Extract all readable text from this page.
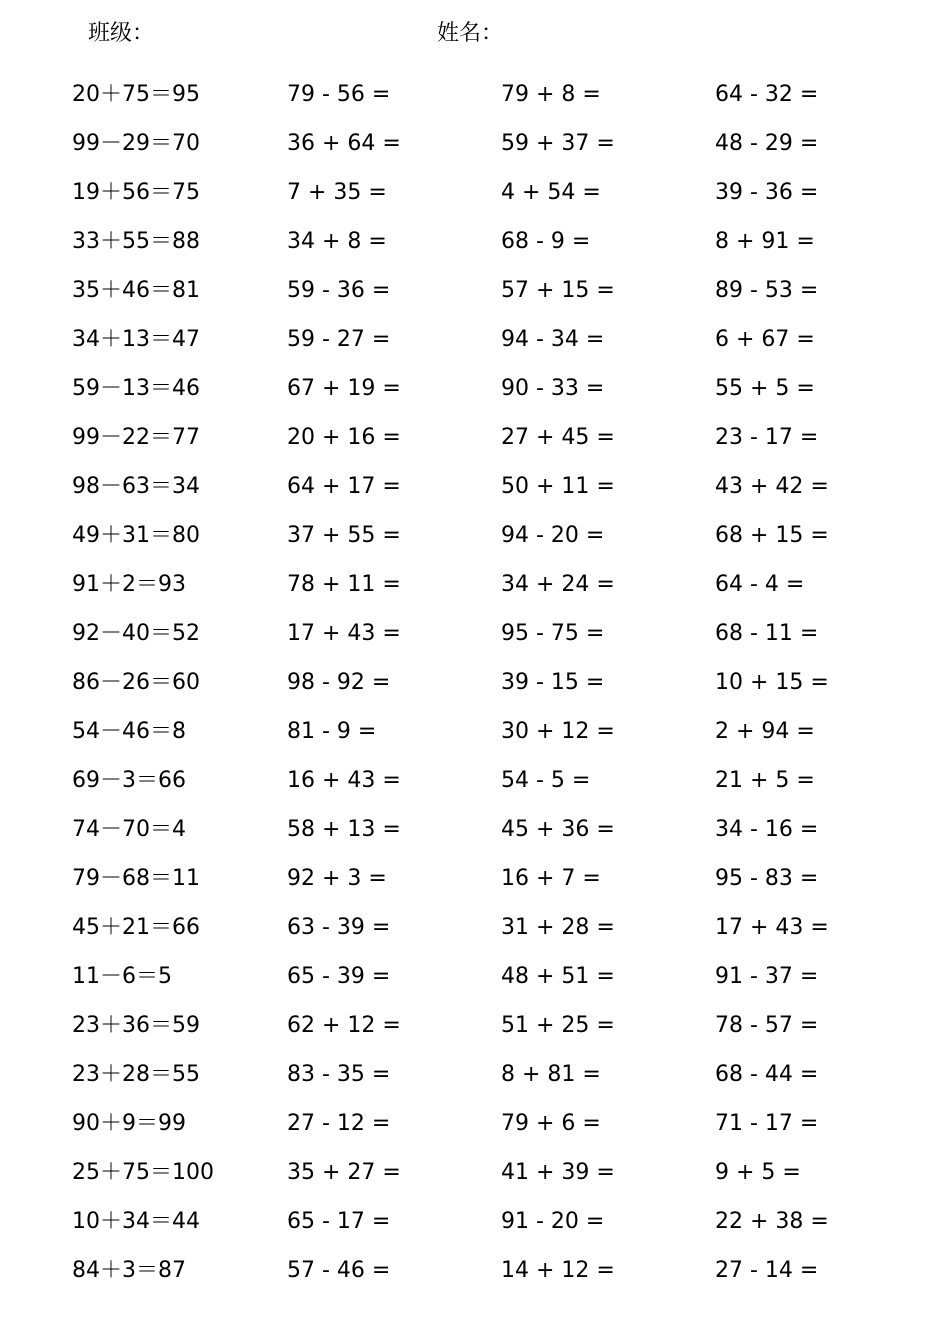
班级：	姓名：
20＋75＝95	79 - 56 =	79 + 8 =	64 - 32 =
99－29＝70	36 + 64 =	59 + 37 =	48 - 29 =
19＋56＝75	7 + 35 =	4 + 54 =	39 - 36 =
33＋55＝88	34 + 8 =	68 - 9 =	8 + 91 =
35＋46＝81	59 - 36 =	57 + 15 =	89 - 53 =
34＋13＝47	59 - 27 =	94 - 34 =	6 + 67 =
59－13＝46	67 + 19 =	90 - 33 =	55 + 5 =
99－22＝77	20 + 16 =	27 + 45 =	23 - 17 =
98－63＝34	64 + 17 =	50 + 11 =	43 + 42 =
49＋31＝80	37 + 55 =	94 - 20 =	68 + 15 =
91＋2＝93	78 + 11 =	34 + 24 =	64 - 4 =
92－40＝52	17 + 43 =	95 - 75 =	68 - 11 =
86－26＝60	98 - 92 =	39 - 15 =	10 + 15 =
54－46＝8	81 - 9 =	30 + 12 =	2 + 94 =
69－3＝66	16 + 43 =	54 - 5 =	21 + 5 =
74－70＝4	58 + 13 =	45 + 36 =	34 - 16 =
79－68＝11	92 + 3 =	16 + 7 =	95 - 83 =
45＋21＝66	63 - 39 =	31 + 28 =	17 + 43 =
11－6＝5	65 - 39 =	48 + 51 =	91 - 37 =
23＋36＝59	62 + 12 =	51 + 25 =	78 - 57 =
23＋28＝55	83 - 35 =	8 + 81 =	68 - 44 =
90＋9＝99	27 - 12 =	79 + 6 =	71 - 17 =
25＋75＝100	35 + 27 =	41 + 39 =	9 + 5 =
10＋34＝44	65 - 17 =	91 - 20 =	22 + 38 =
84＋3＝87	57 - 46 =	14 + 12 =	27 - 14 =
